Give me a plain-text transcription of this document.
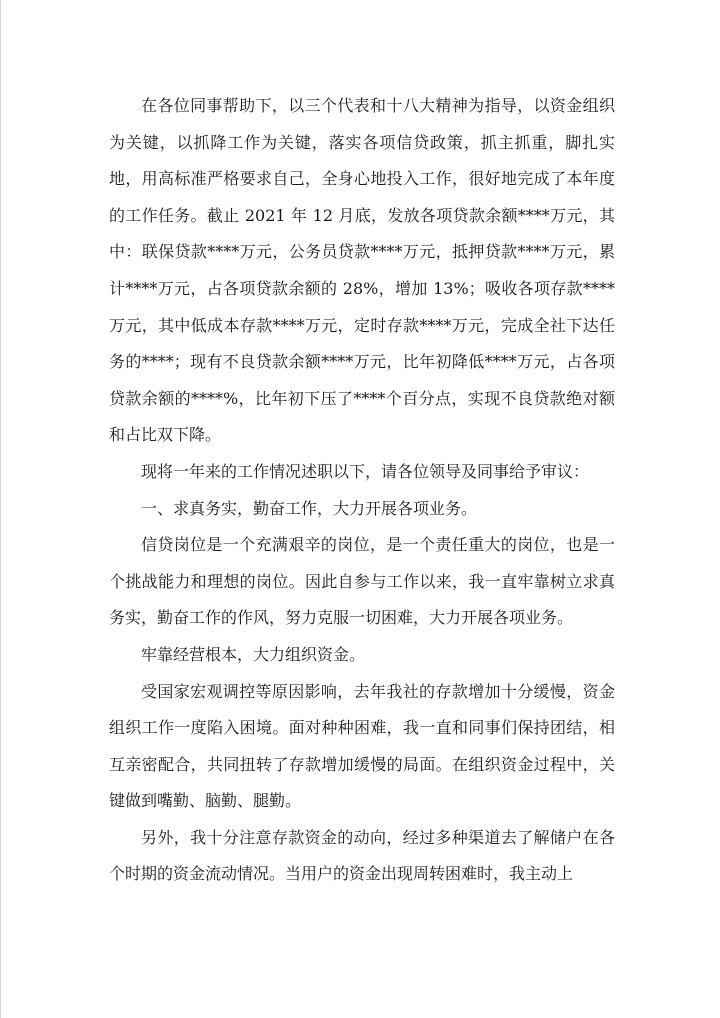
在各位同事帮助下，以三个代表和十八大精神为指导，以资金组织为关键，以抓降工作为关键，落实各项信贷政策，抓主抓重，脚扎实地，用高标准严格要求自己，全身心地投入工作，很好地完成了本年度的工作任务。截止 2021 年 12 月底，发放各项贷款余额****万元，其中：联保贷款****万元，公务员贷款****万元，抵押贷款****万元，累计****万元，占各项贷款余额的 28%，增加 13%；吸收各项存款****万元，其中低成本存款****万元，定时存款****万元，完成全社下达任务的****；现有不良贷款余额****万元，比年初降低****万元，占各项贷款余额的****%，比年初下压了****个百分点，实现不良贷款绝对额和占比双下降。

现将一年来的工作情况述职以下，请各位领导及同事给予审议：

一、求真务实，勤奋工作，大力开展各项业务。

信贷岗位是一个充满艰辛的岗位，是一个责任重大的岗位，也是一个挑战能力和理想的岗位。因此自参与工作以来，我一直牢靠树立求真务实，勤奋工作的作风，努力克服一切困难，大力开展各项业务。

牢靠经营根本，大力组织资金。

受国家宏观调控等原因影响，去年我社的存款增加十分缓慢，资金组织工作一度陷入困境。面对种种困难，我一直和同事们保持团结，相互亲密配合，共同扭转了存款增加缓慢的局面。在组织资金过程中，关键做到嘴勤、脑勤、腿勤。

另外，我十分注意存款资金的动向，经过多种渠道去了解储户在各个时期的资金流动情况。当用户的资金出现周转困难时，我主动上
